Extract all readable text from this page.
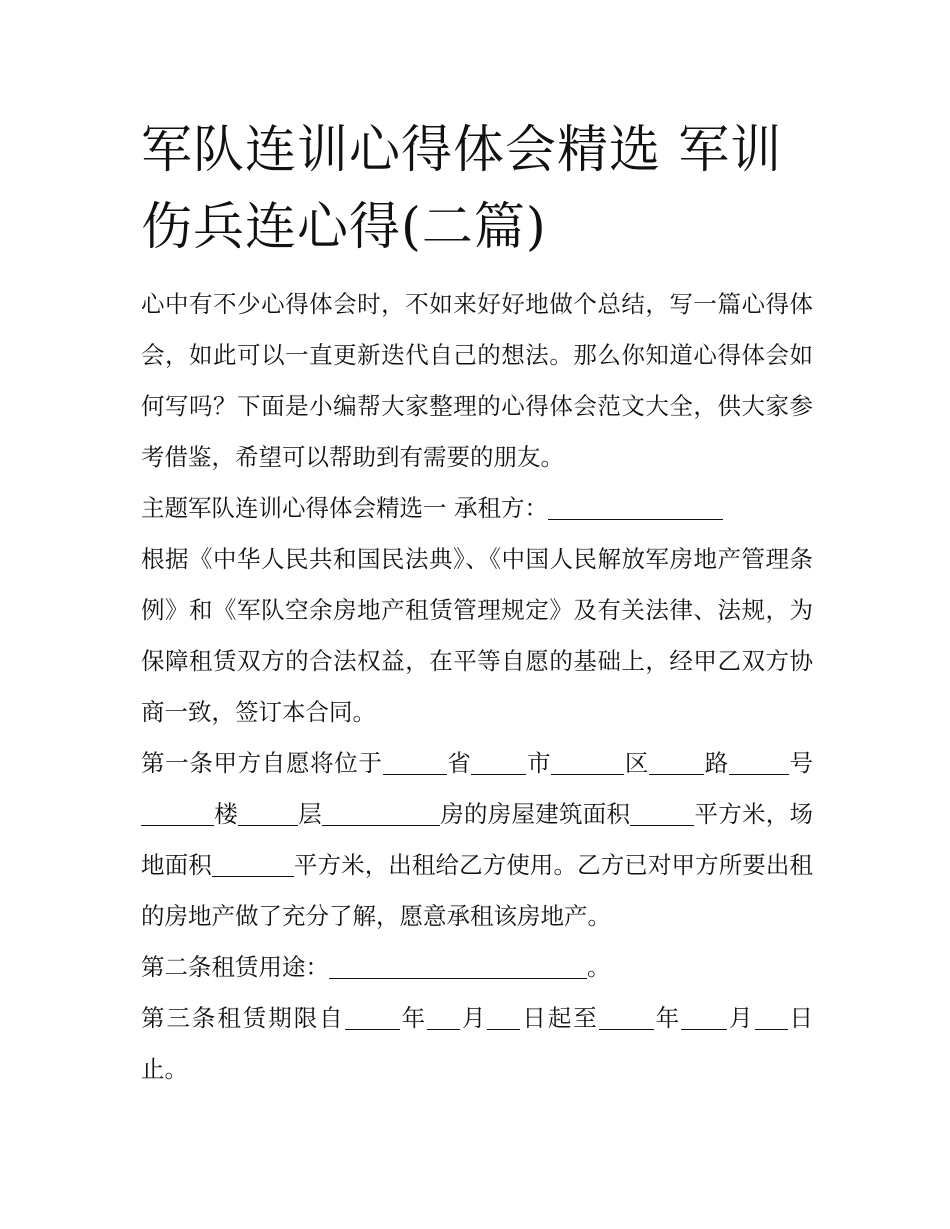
军队连训心得体会精选 军训伤兵连心得(二篇)

心中有不少心得体会时，不如来好好地做个总结，写一篇心得体会，如此可以一直更新迭代自己的想法。那么你知道心得体会如何写吗？下面是小编帮大家整理的心得体会范文大全，供大家参考借鉴，希望可以帮助到有需要的朋友。

主题军队连训心得体会精选一 承租方：

根据《中华人民共和国民法典》、《中国人民解放军房地产管理条例》和《军队空余房地产租赁管理规定》及有关法律、法规，为保障租赁双方的合法权益，在平等自愿的基础上，经甲乙双方协商一致，签订本合同。

第一条甲方自愿将位于	省 市	区 路	号楼	层	房的房屋建筑面积	平方米，场地面积	平方米，出租给乙方使用。乙方已对甲方所要出租的房地产做了充分了解，愿意承租该房地产。

第二条租赁用途：	。

第三条租赁期限自 年 月 日起至 年 月 日止。
